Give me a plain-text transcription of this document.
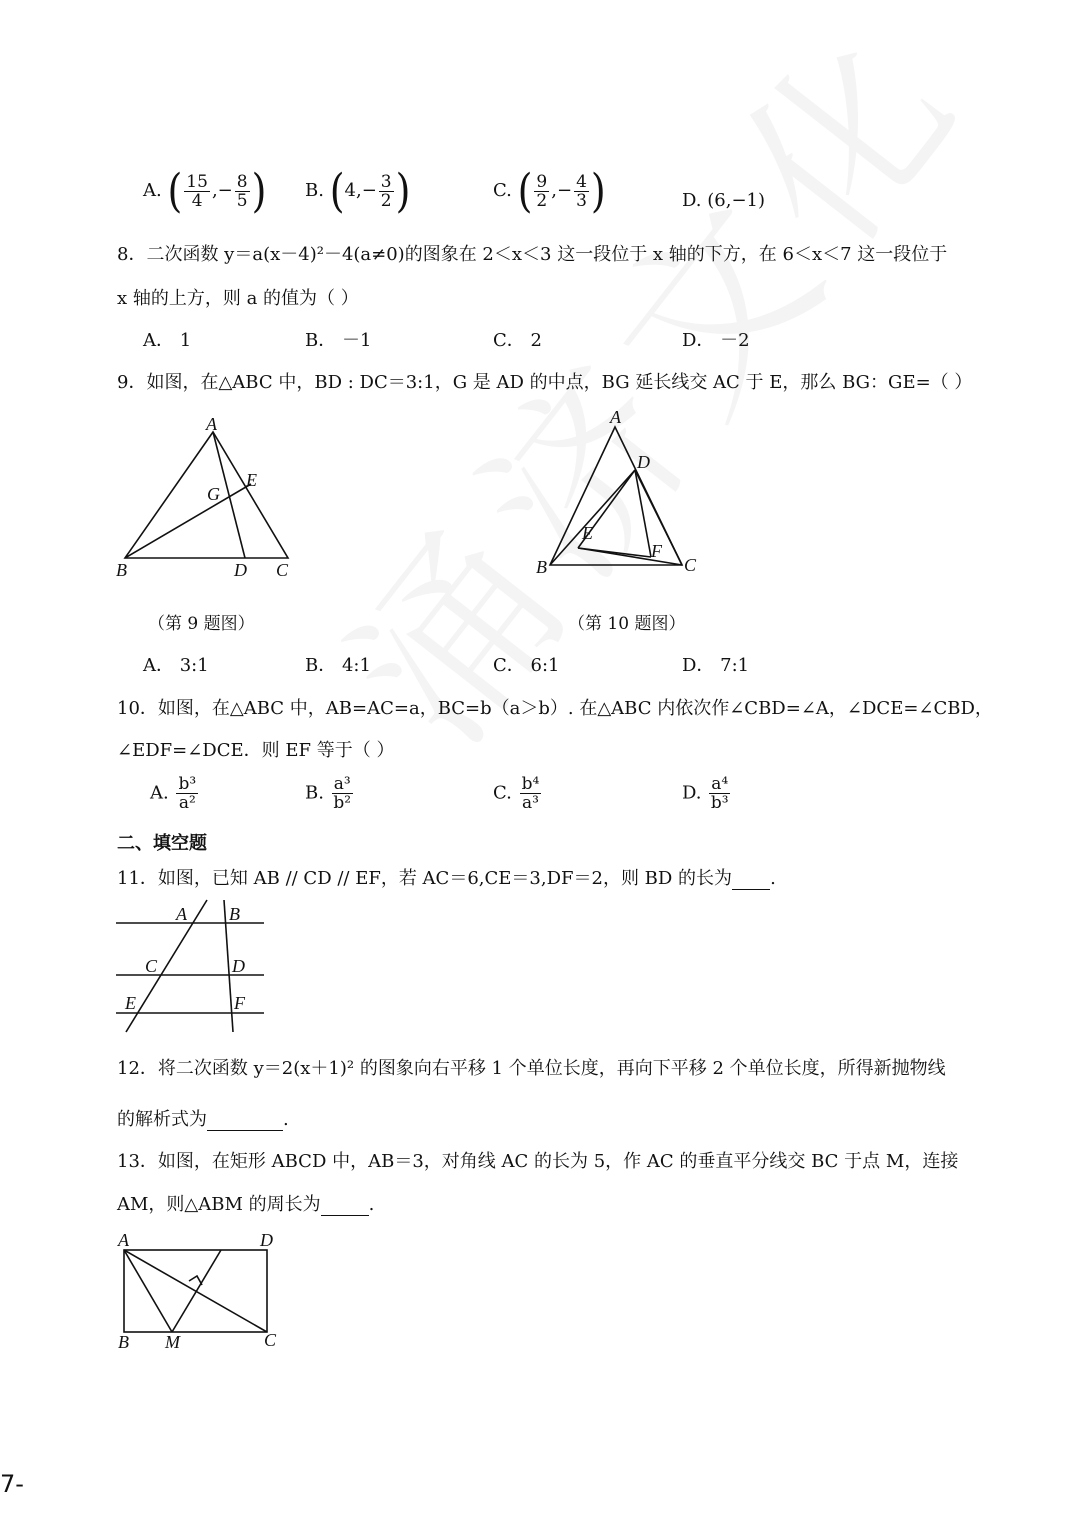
A. ( $\frac{15}{4}$ ,− $\frac{8}{5}$ ) B. ($4,- \frac{3}{2}$ )	C. ( $\frac{9}{2}$ ,− $\frac{4}{3}$ )	D. (6,−1)
8．二次函数 y＝a(x－4)²－4(a≠0)的图象在 2＜x＜3 这一段位于 x 轴的下方，在 6＜x＜7 这一段位于
x 轴的上方，则 a 的值为（ ）
A． 1	B． －1	C． 2	D． －2
9．如图，在△ABC 中，BD : DC＝3:1，G 是 AD 的中点，BG 延长线交 AC 于 E，那么 BG：GE=（ ）
A
B	C
D
E
G
A
B	C
D
E
F
（第 9 题图）	（第 10 题图）
A． 3:1	B． 4:1	C． 6:1	D． 7:1
10．如图，在△ABC 中，AB=AC=a，BC=b（a＞b）. 在△ABC 内依次作∠CBD=∠A，∠DCE=∠CBD，
∠EDF=∠DCE．则 EF 等于（ ）
A. $\frac{\text{b³}}{\text{a²}}$	B. $\frac{\text{a³}}{\text{b²}}$	C. $\frac{\text{b⁴}}{\text{a³}}$	D. $\frac{\text{a⁴}}{\text{b³}}$
二、填空题
11．如图，已知 AB // CD // EF，若 AC＝6,CE＝3,DF＝2，则 BD 的长为 .
A B
C	D
E	F
12．将二次函数 y＝2(x＋1)² 的图象向右平移 1 个单位长度，再向下平移 2 个单位长度，所得新抛物线
的解析式为	.
13．如图，在矩形 ABCD 中，AB＝3，对角线 AC 的长为 5，作 AC 的垂直平分线交 BC 于点 M，连接
AM，则△ABM 的周长为	.
A	D
B M	C
7-
